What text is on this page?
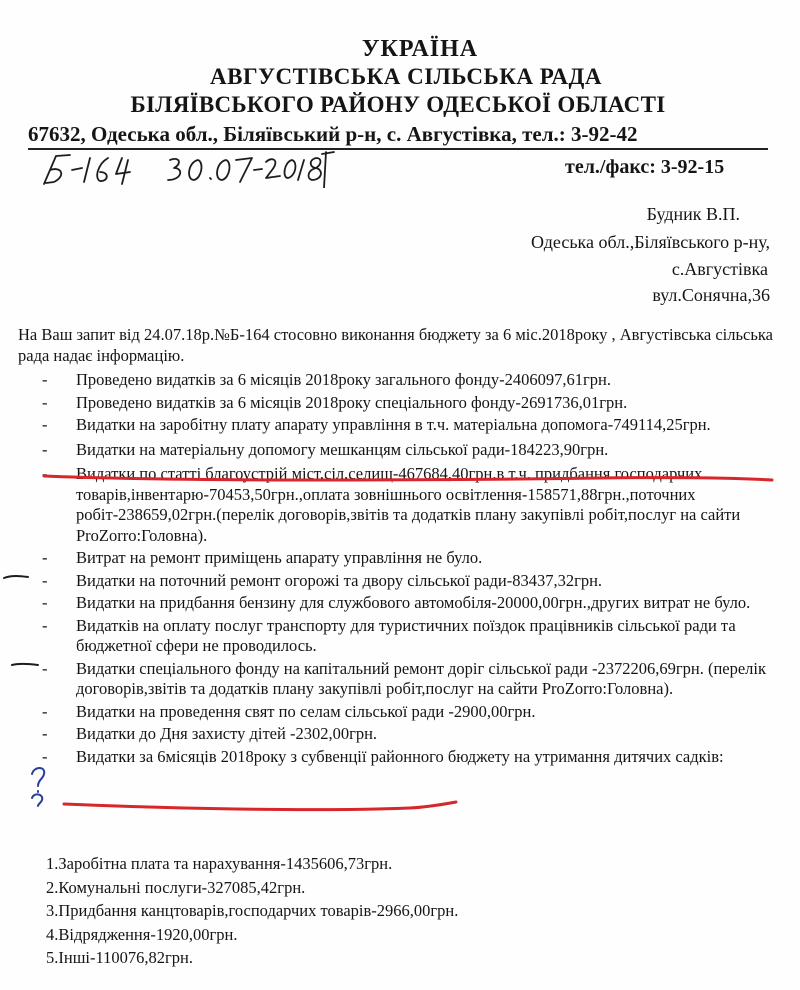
УКРАЇНА
АВГУСТІВСЬКА СІЛЬСЬКА РАДА
БІЛЯЇВСЬКОГО РАЙОНУ ОДЕСЬКОЇ ОБЛАСТІ
67632, Одеська обл., Біляївський р-н, с. Августівка, тел.: 3-92-42
тел./факс: 3-92-15
Будник В.П.
Одеська обл.,Біляївського р-ну,
с.Августівка
вул.Сонячна,36
На Ваш запит від 24.07.18р.№Б-164 стосовно виконання бюджету за 6 міс.2018року , Августівська сільська рада надає інформацію.
- Проведено видатків за 6 місяців 2018року загального фонду-2406097,61грн.
- Проведено видатків за 6 місяців 2018року спеціального фонду-2691736,01грн.
- Видатки на заробітну плату апарату управління в т.ч. матеріальна допомога-749114,25грн.
- Видатки на матеріальну допомогу мешканцям сільської ради-184223,90грн.
- Видатки по статті благоустрій міст,сіл,селищ-467684,40грн.в т.ч. придбання господарчих товарів,інвентарю-70453,50грн.,оплата зовнішнього освітлення-158571,88грн.,поточних робіт-238659,02грн.(перелік договорів,звітів та додатків плану закупівлі робіт,послуг на сайти ProZorro:Головна).
- Витрат на ремонт приміщень апарату управління не було.
- Видатки на поточний ремонт огорожі та двору сільської ради-83437,32грн.
- Видатки на придбання бензину для службового автомобіля-20000,00грн.,других витрат не було.
- Видатків на оплату послуг транспорту для туристичних поїздок працівників сільської ради та бюджетної сфери не проводилось.
- Видатки спеціального фонду на капітальний ремонт доріг сільської ради -2372206,69грн. (перелік договорів,звітів та додатків плану закупівлі робіт,послуг на сайти ProZorro:Головна).
- Видатки на проведення свят по селам сільської ради -2900,00грн.
- Видатки до Дня захисту дітей -2302,00грн.
- Видатки за 6місяців 2018року з субвенції районного бюджету на утримання дитячих садків:
1.Заробітна плата та нарахування-1435606,73грн.
2.Комунальні послуги-327085,42грн.
3.Придбання канцтоварів,господарчих товарів-2966,00грн.
4.Відрядження-1920,00грн.
5.Інші-110076,82грн.
